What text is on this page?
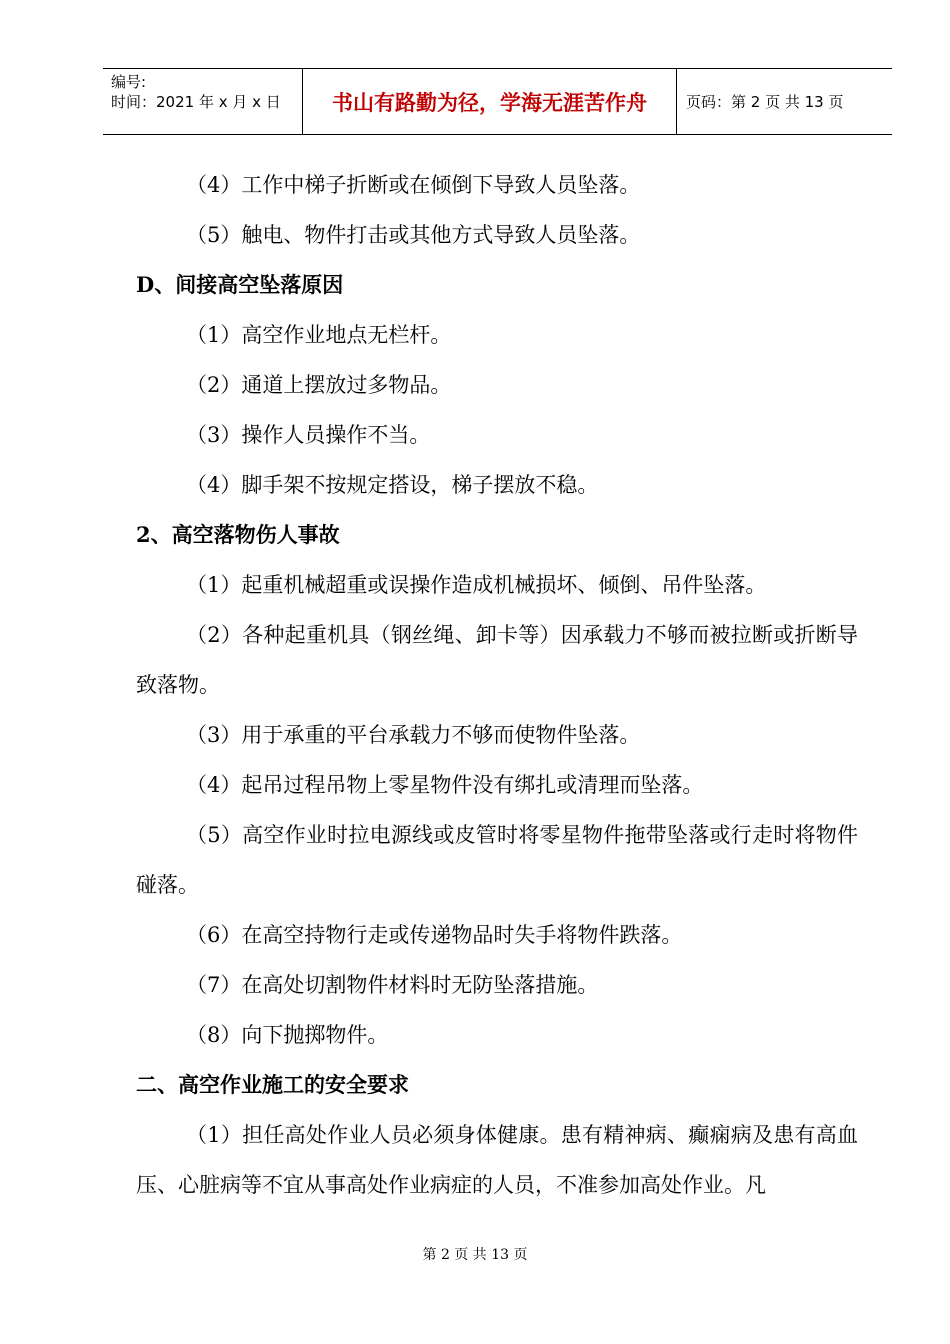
编号:
时间：2021 年 x 月 x 日	书山有路勤为径，学海无涯苦作舟	页码：第 2 页 共 13 页

（4）工作中梯子折断或在倾倒下导致人员坠落。

（5）触电、物件打击或其他方式导致人员坠落。

D、间接高空坠落原因

（1）高空作业地点无栏杆。

（2）通道上摆放过多物品。

（3）操作人员操作不当。

（4）脚手架不按规定搭设，梯子摆放不稳。

2、高空落物伤人事故

（1）起重机械超重或误操作造成机械损坏、倾倒、吊件坠落。

（2）各种起重机具（钢丝绳、卸卡等）因承载力不够而被拉断或折断导致落物。

（3）用于承重的平台承载力不够而使物件坠落。

（4）起吊过程吊物上零星物件没有绑扎或清理而坠落。

（5）高空作业时拉电源线或皮管时将零星物件拖带坠落或行走时将物件碰落。

（6）在高空持物行走或传递物品时失手将物件跌落。

（7）在高处切割物件材料时无防坠落措施。

（8）向下抛掷物件。

二、高空作业施工的安全要求

（1）担任高处作业人员必须身体健康。患有精神病、癫痫病及患有高血压、心脏病等不宜从事高处作业病症的人员，不准参加高处作业。凡

第 2 页 共 13 页
